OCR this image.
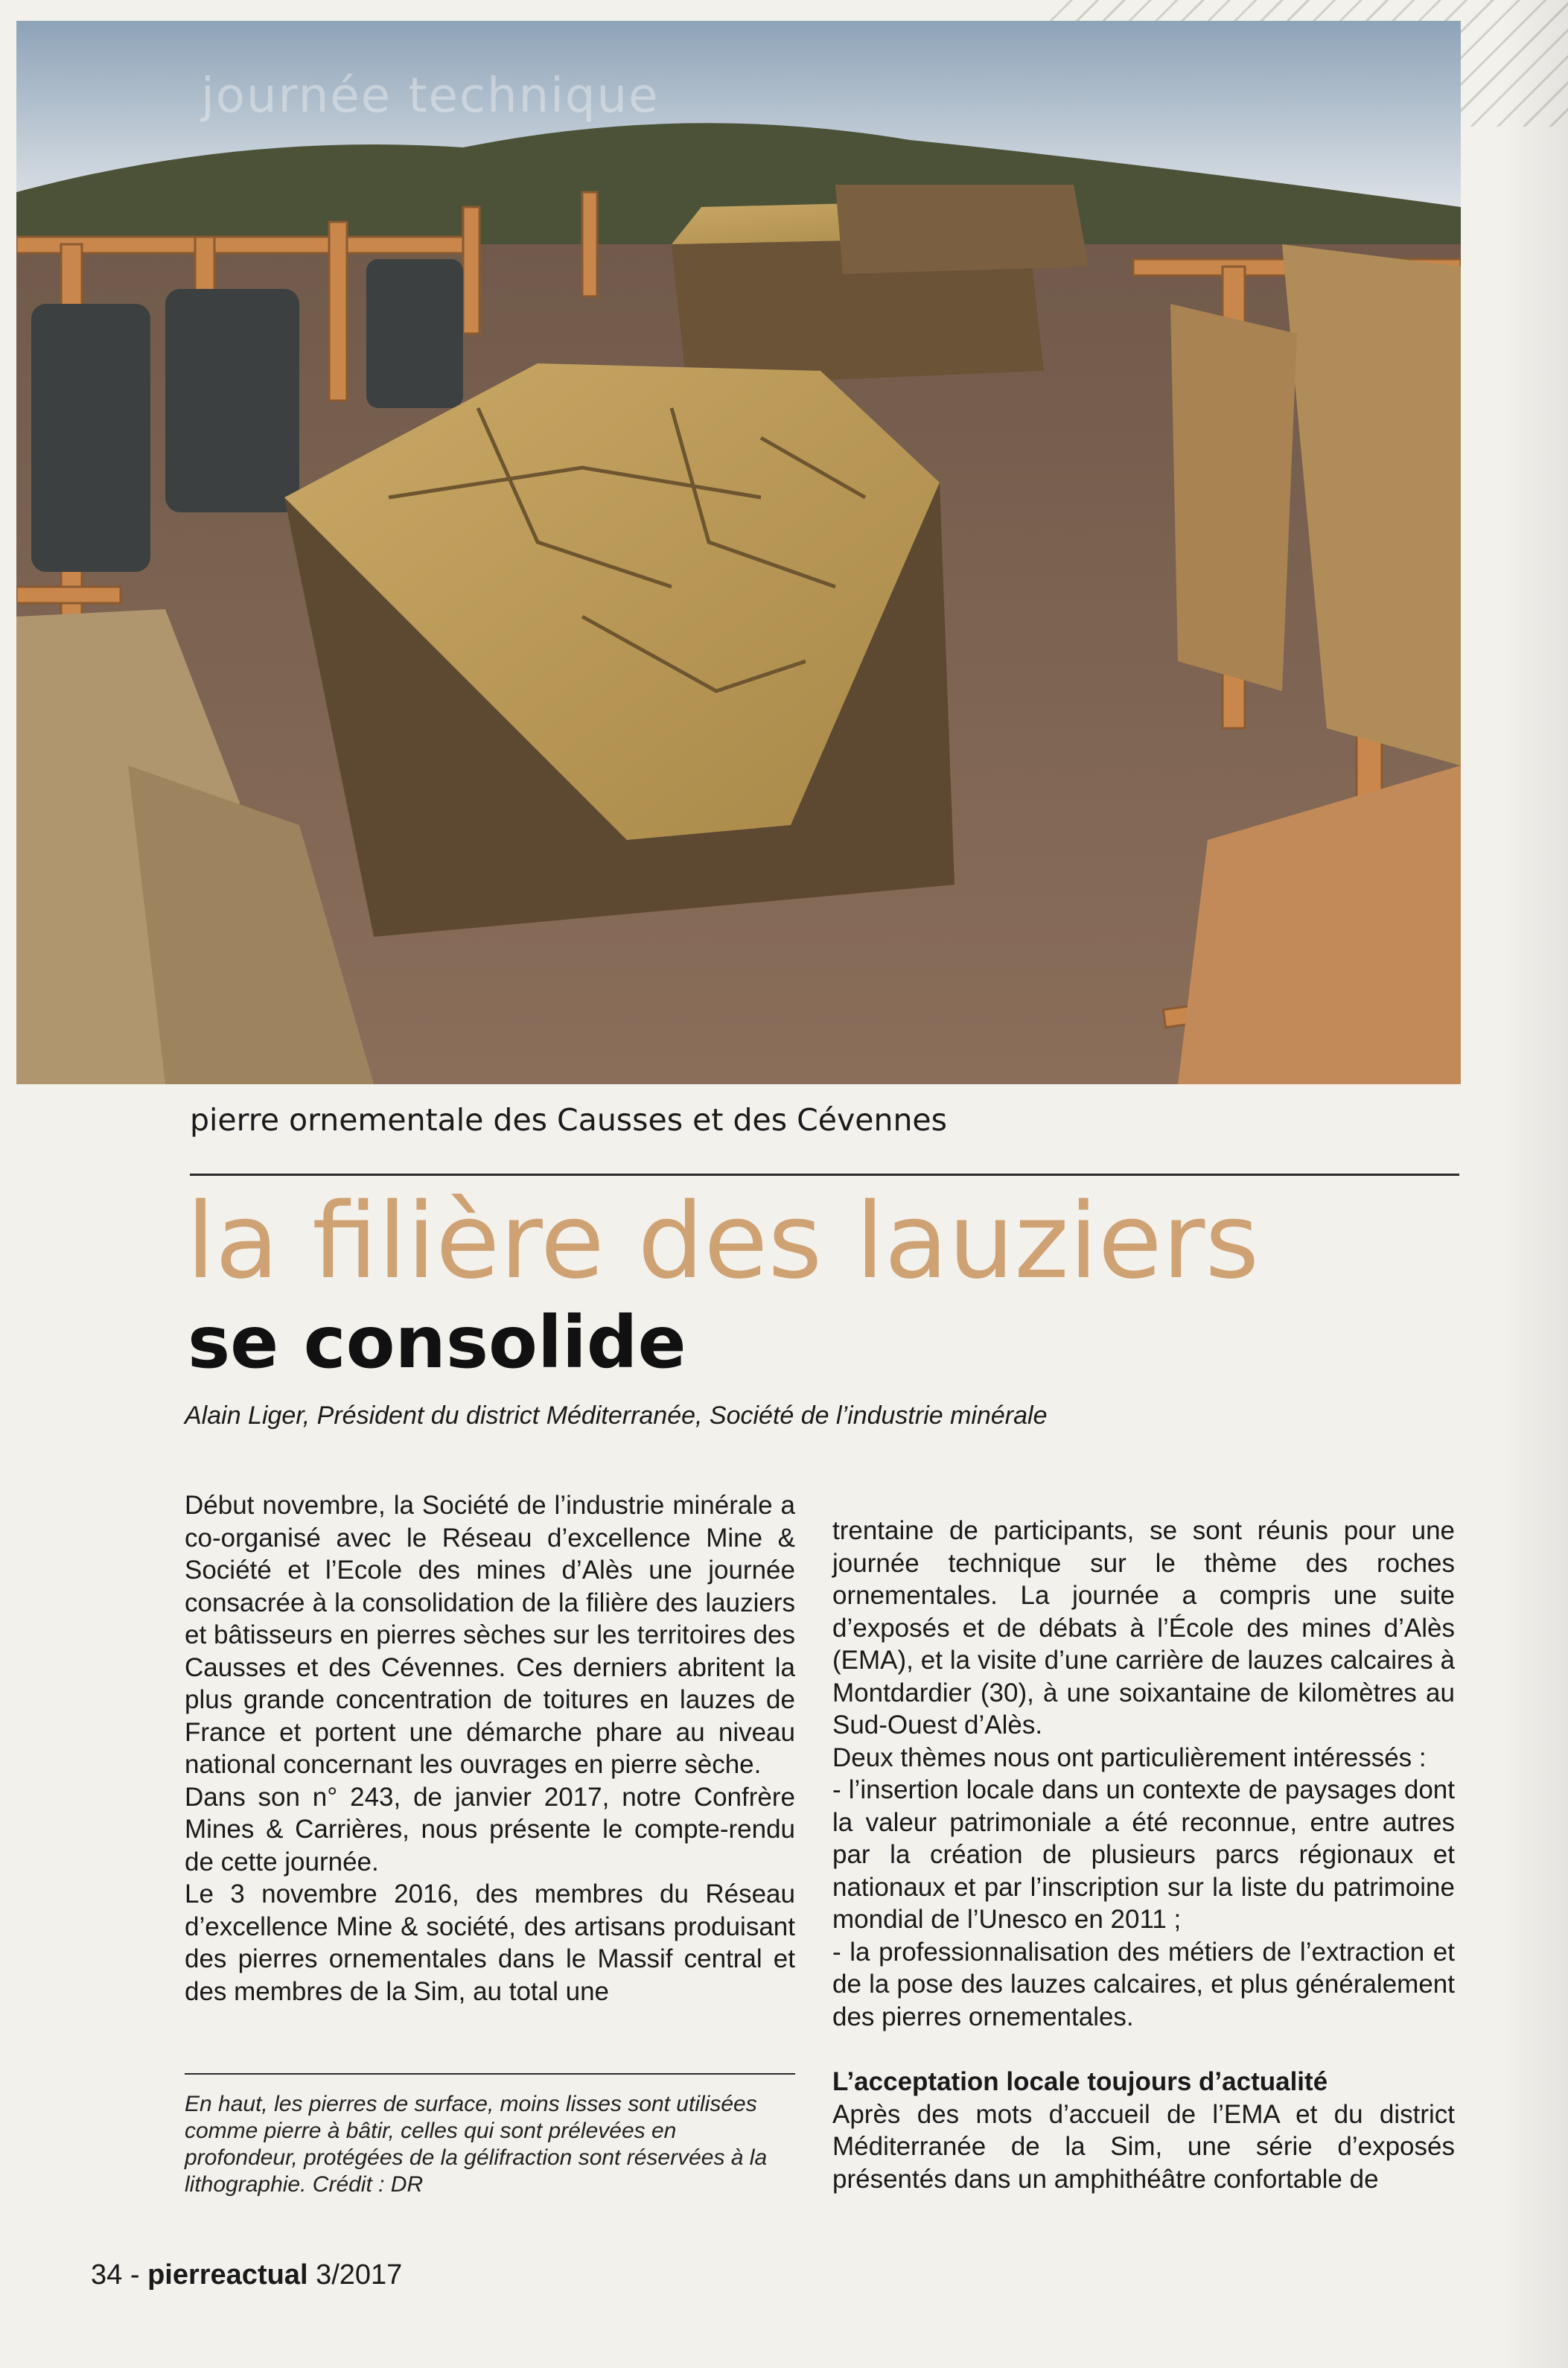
journée technique
pierre ornementale des Causses et des Cévennes
la filière des lauziers
se consolide
Alain Liger, Président du district Méditerranée, Société de l’industrie minérale

Début novembre, la Société de l’industrie minérale a co-organisé avec le Réseau d’excellence Mine & Société et l’Ecole des mines d’Alès une journée consacrée à la consolidation de la filière des lauziers et bâtisseurs en pierres sèches sur les territoires des Causses et des Cévennes. Ces derniers abritent la plus grande concentration de toitures en lauzes de France et portent une démarche phare au niveau national concernant les ouvrages en pierre sèche.

Dans son n° 243, de janvier 2017, notre Confrère Mines & Carrières, nous présente le compte-rendu de cette journée.

Le 3 novembre 2016, des membres du Réseau d’excellence Mine & société, des artisans produisant des pierres ornementales dans le Massif central et des membres de la Sim, au total une

En haut, les pierres de surface, moins lisses sont utilisées comme pierre à bâtir, celles qui sont prélevées en profondeur, protégées de la gélifraction sont réservées à la lithographie. Crédit : DR

trentaine de participants, se sont réunis pour une journée technique sur le thème des roches ornementales. La journée a compris une suite d’exposés et de débats à l’École des mines d’Alès (EMA), et la visite d’une carrière de lauzes calcaires à Montdardier (30), à une soixantaine de kilomètres au Sud-Ouest d’Alès.

Deux thèmes nous ont particulièrement intéressés :

- l’insertion locale dans un contexte de paysages dont la valeur patrimoniale a été reconnue, entre autres par la création de plusieurs parcs régionaux et nationaux et par l’inscription sur la liste du patrimoine mondial de l’Unesco en 2011 ;

- la professionnalisation des métiers de l’extraction et de la pose des lauzes calcaires, et plus généralement des pierres ornementales.

L’acceptation locale toujours d’actualité

Après des mots d’accueil de l’EMA et du district Méditerranée de la Sim, une série d’exposés présentés dans un amphithéâtre confortable de

34 - pierreactual 3/2017
